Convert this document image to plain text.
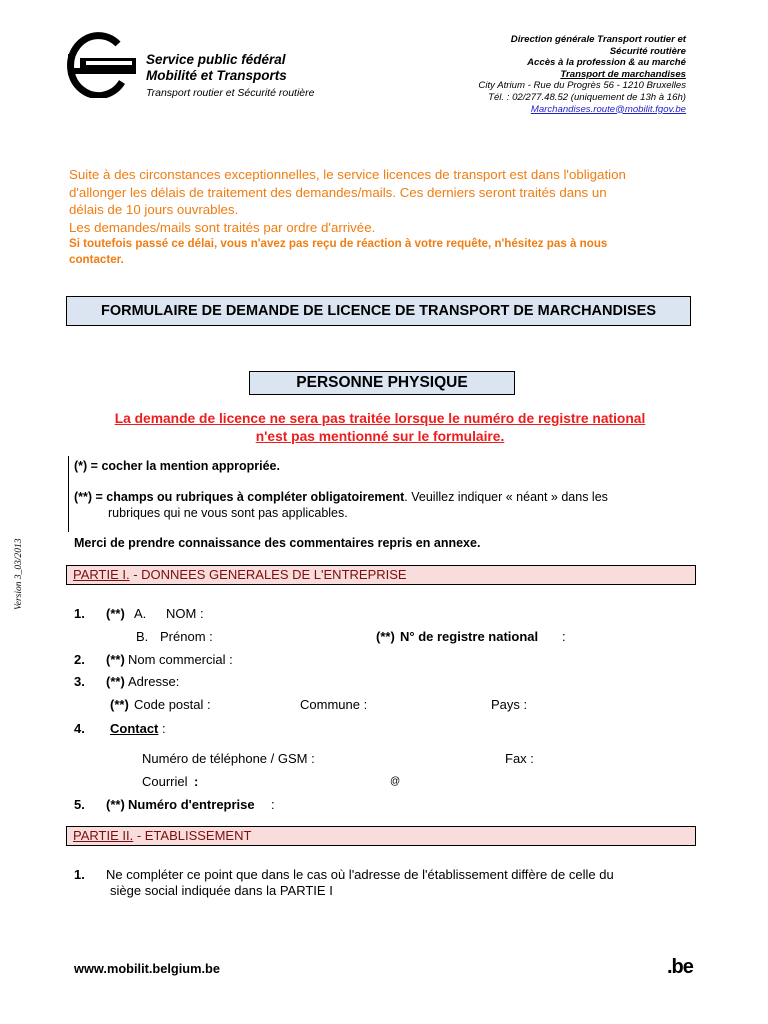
Service public fédéral
Mobilité et Transports
Transport routier et Sécurité routière
Direction générale Transport routier et
Sécurité routière
Accès à la profession & au marché
Transport de marchandises
City Atrium - Rue du Progrès 56 - 1210 Bruxelles
Tél. : 02/277.48.52 (uniquement de 13h à 16h)
Marchandises.route@mobilit.fgov.be
Suite à des circonstances exceptionnelles, le service licences de transport est dans l'obligation
d'allonger les délais de traitement des demandes/mails. Ces derniers seront traités dans un
délais de 10 jours ouvrables.
Les demandes/mails sont traités par ordre d'arrivée.
Si toutefois passé ce délai, vous n'avez pas reçu de réaction à votre requête, n'hésitez pas à nous
contacter.
FORMULAIRE DE DEMANDE DE LICENCE DE TRANSPORT DE MARCHANDISES
PERSONNE PHYSIQUE
La demande de licence ne sera pas traitée lorsque le numéro de registre national
n'est pas mentionné sur le formulaire.
(*) = cocher la mention appropriée.
(**) = champs ou rubriques à compléter obligatoirement. Veuillez indiquer « néant » dans les
rubriques qui ne vous sont pas applicables.
Merci de prendre connaissance des commentaires repris en annexe.
PARTIE I. - DONNEES GENERALES DE L'ENTREPRISE
1. (**) A. NOM :
B. Prénom :	(**) N° de registre national :
2. (**) Nom commercial :
3. (**) Adresse:
(**) Code postal :	Commune :	Pays :
4. Contact :
Numéro de téléphone / GSM :	Fax :
Courriel :	@
5. (**) Numéro d'entreprise :
PARTIE II. - ETABLISSEMENT
1. Ne compléter ce point que dans le cas où l'adresse de l'établissement diffère de celle du
siège social indiquée dans la PARTIE I
Version 3_03/2013
www.mobilit.belgium.be	.be
